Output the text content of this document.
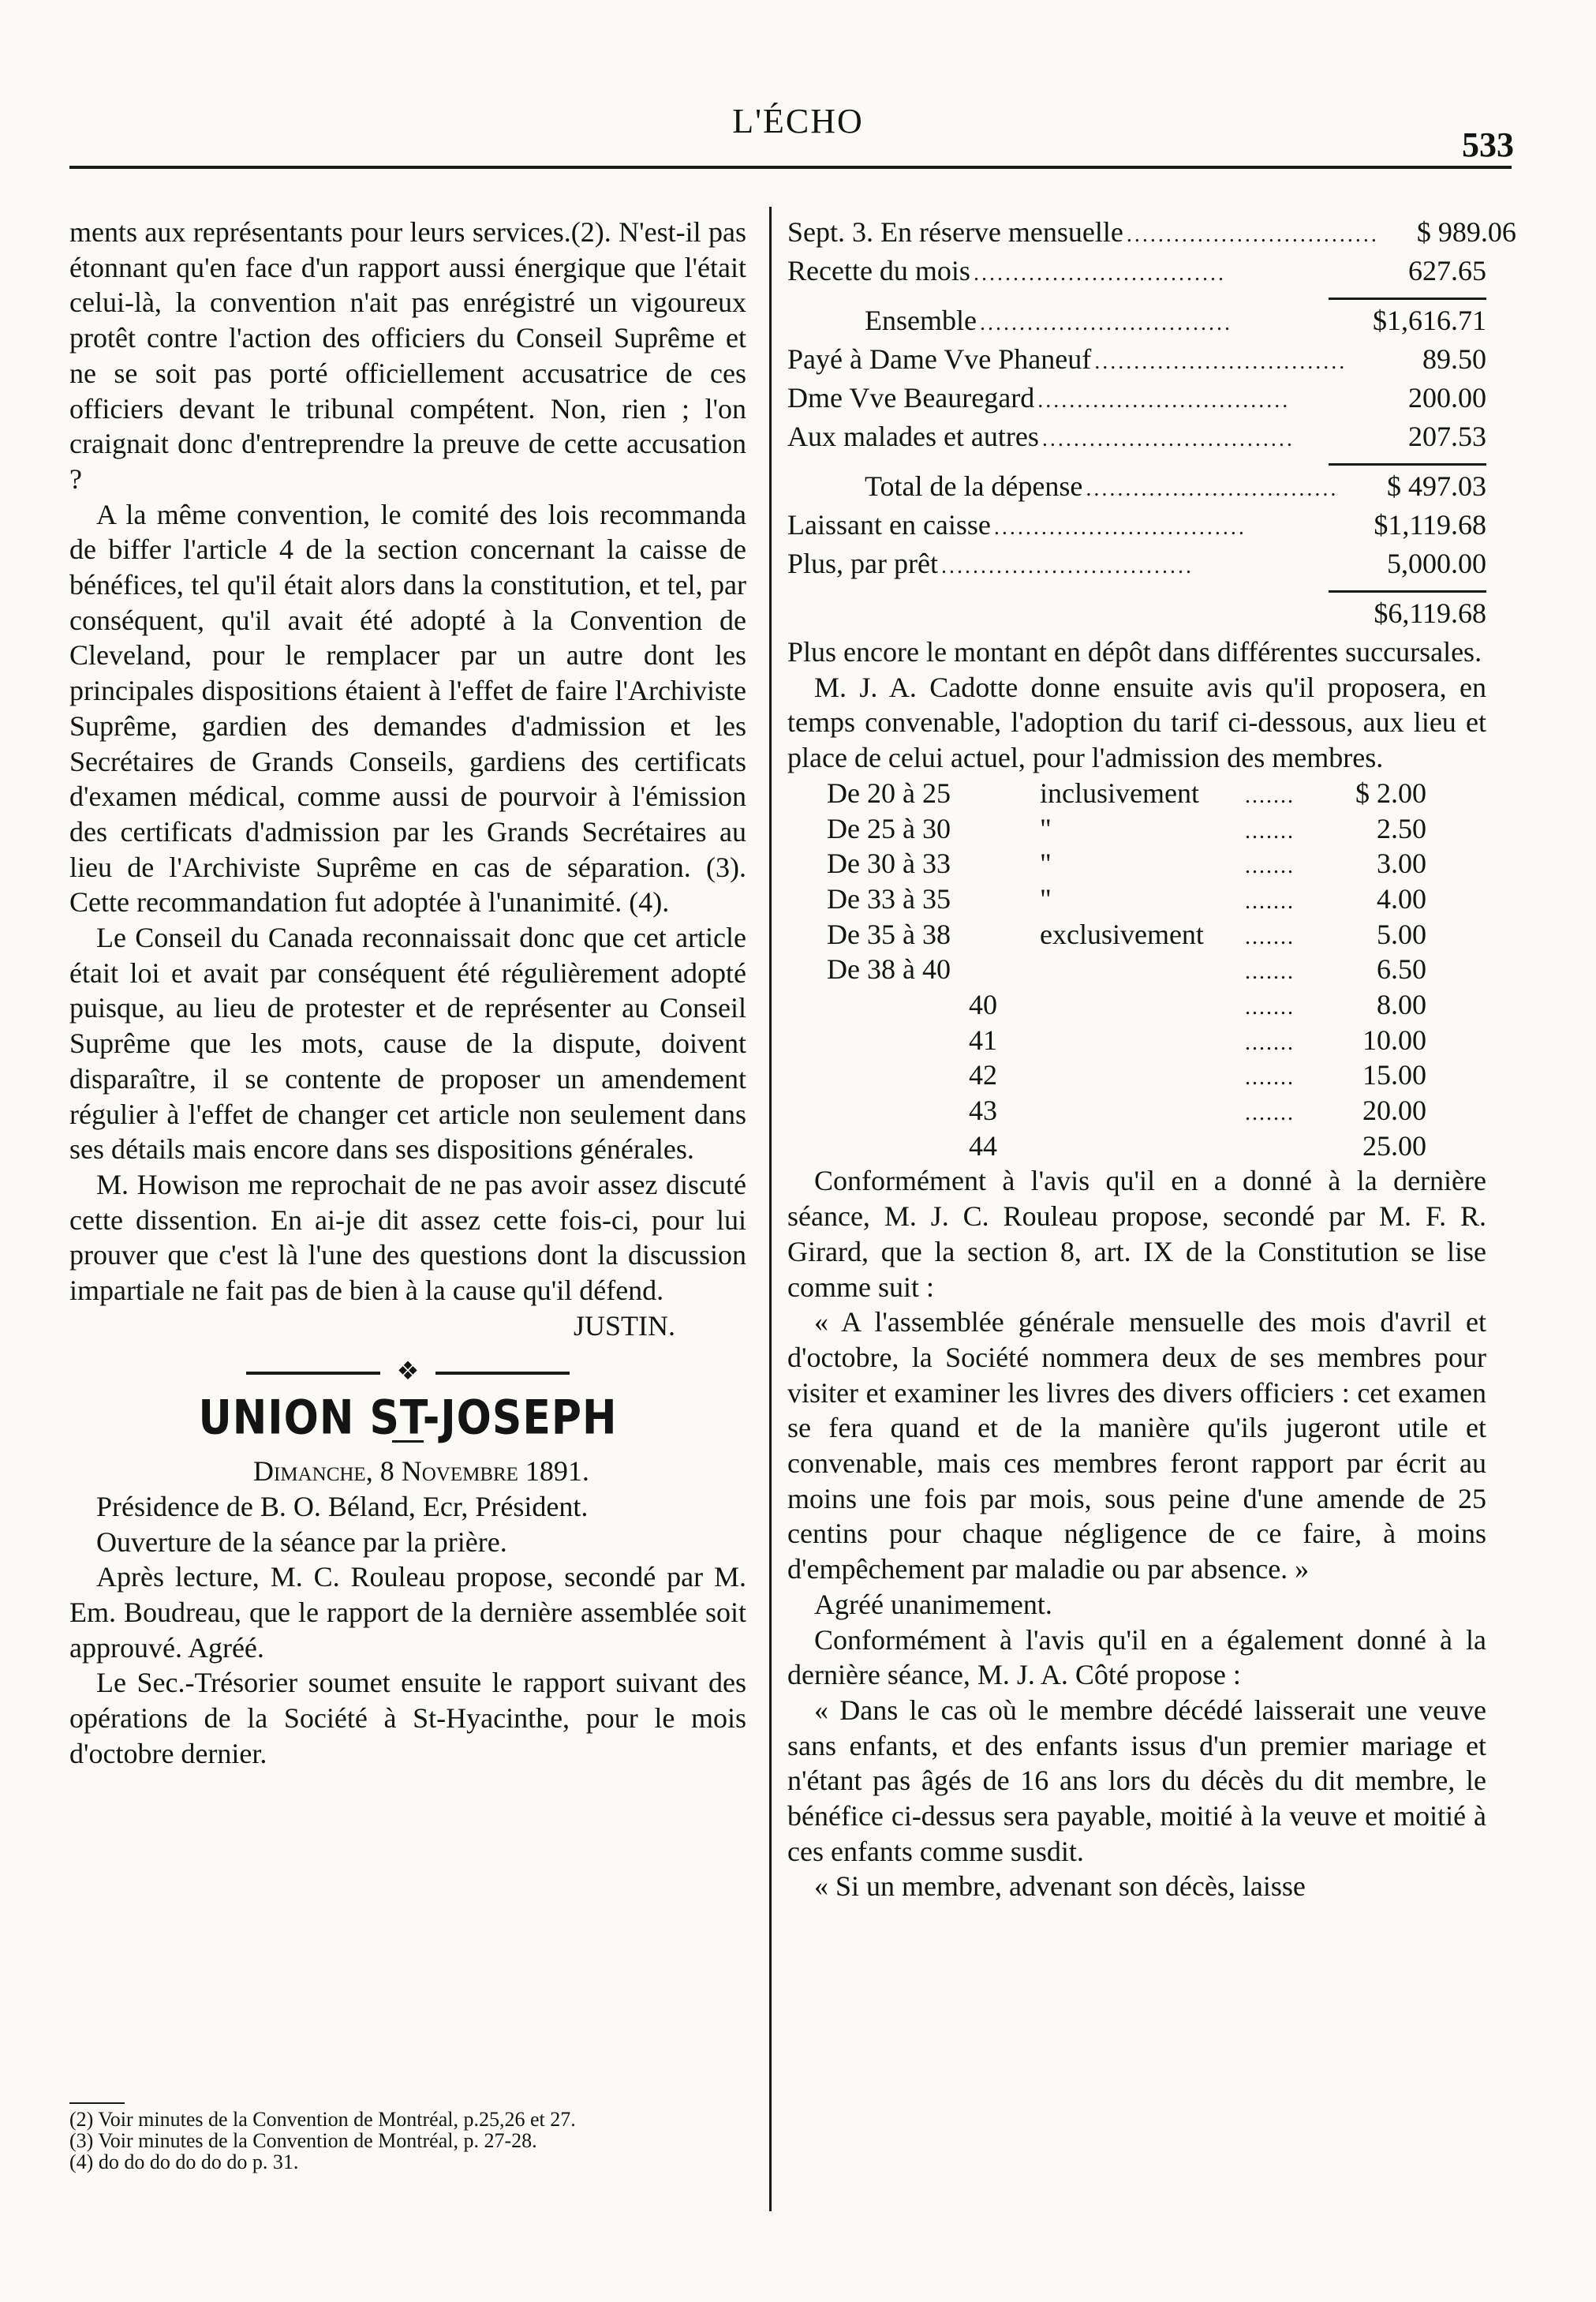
L'ÉCHO
533

ments aux représentants pour leurs services.(2). N'est-il pas étonnant qu'en face d'un rapport aussi énergique que l'était celui-là, la convention n'ait pas enrégistré un vigoureux protêt contre l'action des officiers du Conseil Suprême et ne se soit pas porté officiellement accusatrice de ces officiers devant le tribunal compétent. Non, rien ; l'on craignait donc d'entreprendre la preuve de cette accusation ?

A la même convention, le comité des lois recommanda de biffer l'article 4 de la section concernant la caisse de bénéfices, tel qu'il était alors dans la constitution, et tel, par conséquent, qu'il avait été adopté à la Convention de Cleveland, pour le remplacer par un autre dont les principales dispositions étaient à l'effet de faire l'Archiviste Suprême, gardien des demandes d'admission et les Secrétaires de Grands Conseils, gardiens des certificats d'examen médical, comme aussi de pourvoir à l'émission des certificats d'admission par les Grands Secrétaires au lieu de l'Archiviste Suprême en cas de séparation. (3). Cette recommandation fut adoptée à l'unanimité. (4).

Le Conseil du Canada reconnaissait donc que cet article était loi et avait par conséquent été régulièrement adopté puisque, au lieu de protester et de représenter au Conseil Suprême que les mots, cause de la dispute, doivent disparaître, il se contente de proposer un amendement régulier à l'effet de changer cet article non seulement dans ses détails mais encore dans ses dispositions générales.

M. Howison me reprochait de ne pas avoir assez discuté cette dissention. En ai-je dit assez cette fois-ci, pour lui prouver que c'est là l'une des questions dont la discussion impartiale ne fait pas de bien à la cause qu'il défend.

JUSTIN.

❖
UNION ST-JOSEPH

Dimanche, 8 Novembre 1891.

Présidence de B. O. Béland, Ecr, Président.

Ouverture de la séance par la prière.

Après lecture, M. C. Rouleau propose, secondé par M. Em. Boudreau, que le rapport de la dernière assemblée soit approuvé. Agréé.

Le Sec.-Trésorier soumet ensuite le rapport suivant des opérations de la Société à St-Hyacinthe, pour le mois d'octobre dernier.

(2) Voir minutes de la Convention de Montréal, p.25,26 et 27.
(3) Voir minutes de la Convention de Montréal, p. 27-28.
(4) do do do do do do p. 31.
Sept. 3. En réserve mensuelle ................................	$ 989.06
Recette du mois ................................	627.65
Ensemble ................................	$1,616.71
Payé à Dame Vve Phaneuf ................................	89.50
Dme Vve Beauregard ................................	200.00
Aux malades et autres ................................	207.53
Total de la dépense ................................	$ 497.03
Laissant en caisse ................................	$1,119.68
Plus, par prêt ................................	5,000.00
$6,119.68

Plus encore le montant en dépôt dans différentes succursales.

M. J. A. Cadotte donne ensuite avis qu'il proposera, en temps convenable, l'adoption du tarif ci-dessous, aux lieu et place de celui actuel, pour l'admission des membres.

De 20 à 25	inclusivement	.......	$ 2.00
De 25 à 30	"	.......	2.50
De 30 à 33	"	.......	3.00
De 33 à 35	"	.......	4.00
De 35 à 38	exclusivement	.......	5.00
De 38 à 40	.......	6.50
40	.......	8.00
41	.......	10.00
42	.......	15.00
43	.......	20.00
44	25.00

Conformément à l'avis qu'il en a donné à la dernière séance, M. J. C. Rouleau propose, secondé par M. F. R. Girard, que la section 8, art. IX de la Constitution se lise comme suit :

« A l'assemblée générale mensuelle des mois d'avril et d'octobre, la Société nommera deux de ses membres pour visiter et examiner les livres des divers officiers : cet examen se fera quand et de la manière qu'ils jugeront utile et convenable, mais ces membres feront rapport par écrit au moins une fois par mois, sous peine d'une amende de 25 centins pour chaque négligence de ce faire, à moins d'empêchement par maladie ou par absence. »

Agréé unanimement.

Conformément à l'avis qu'il en a également donné à la dernière séance, M. J. A. Côté propose :

« Dans le cas où le membre décédé laisserait une veuve sans enfants, et des enfants issus d'un premier mariage et n'étant pas âgés de 16 ans lors du décès du dit membre, le bénéfice ci-dessus sera payable, moitié à la veuve et moitié à ces enfants comme susdit.

« Si un membre, advenant son décès, laisse
